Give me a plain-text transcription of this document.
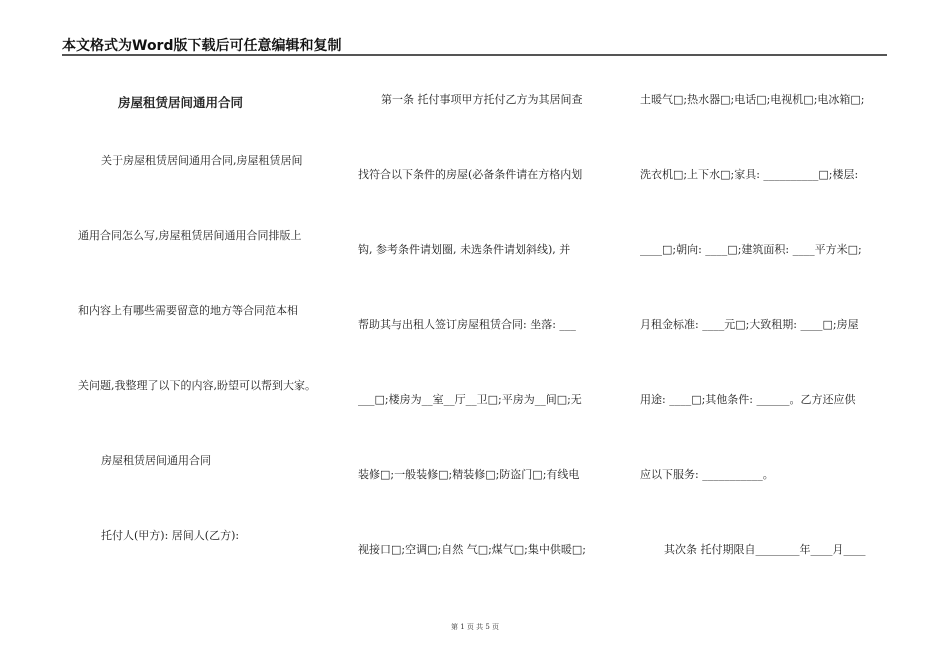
本文格式为Word版下载后可任意编辑和复制
房屋租赁居间通用合同
关于房屋租赁居间通用合同,房屋租赁居间
通用合同怎么写,房屋租赁居间通用合同排版上
和内容上有哪些需要留意的地方等合同范本相
关问题,我整理了以下的内容,盼望可以帮到大家。
房屋租赁居间通用合同
托付人(甲方): 居间人(乙方):
第一条 托付事项甲方托付乙方为其居间查
找符合以下条件的房屋(必备条件请在方格内划
钩, 参考条件请划圈, 未选条件请划斜线), 并
帮助其与出租人签订房屋租赁合同: 坐落: ___
___□;楼房为__室__厅__卫□;平房为__间□;无
装修□;一般装修□;精装修□;防盗门□;有线电
视接口□;空调□;自然 气□;煤气□;集中供暖□;
土暖气□;热水器□;电话□;电视机□;电冰箱□;
洗衣机□;上下水□;家具: __________□;楼层:
____□;朝向: ____□;建筑面积: ____平方米□;
月租金标准: ____元□;大致租期: ____□;房屋
用途: ____□;其他条件: ______。乙方还应供
应以下服务: ___________。
其次条 托付期限自________年____月____
第 1 页 共 5 页
